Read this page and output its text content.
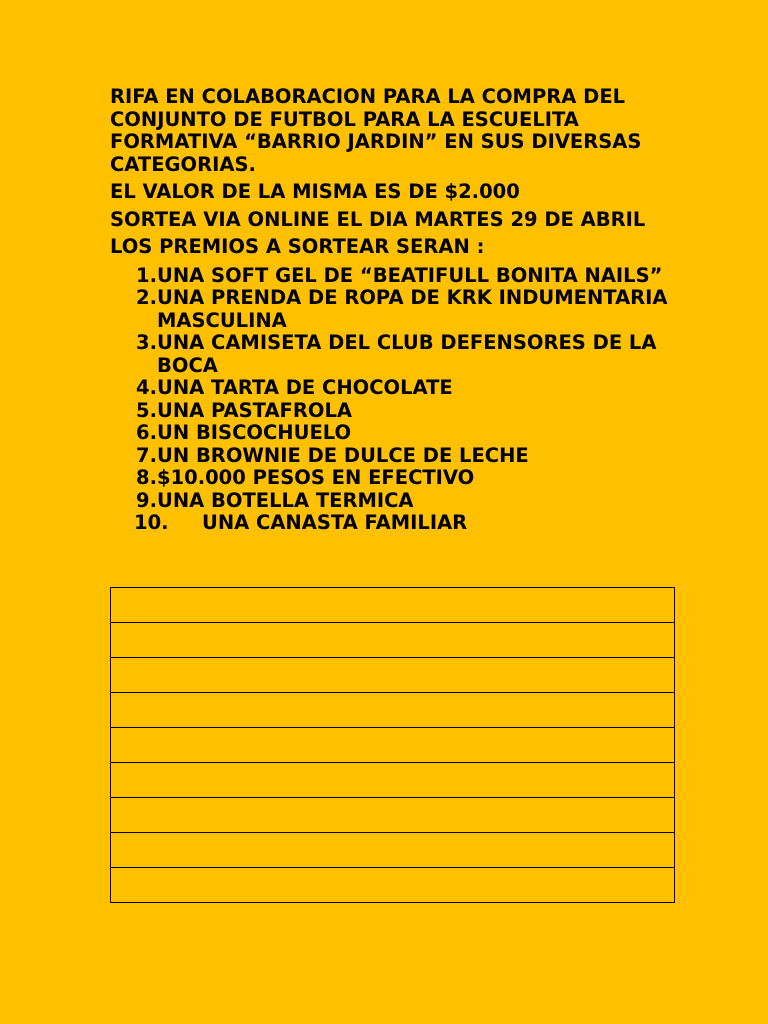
RIFA EN COLABORACION PARA LA COMPRA DEL CONJUNTO DE FUTBOL PARA LA ESCUELITA FORMATIVA “BARRIO JARDIN” EN SUS DIVERSAS CATEGORIAS.

EL VALOR DE LA MISMA ES DE $2.000

SORTEA VIA ONLINE EL DIA MARTES 29 DE ABRIL

LOS PREMIOS A SORTEAR SERAN :

1. UNA SOFT GEL DE “BEATIFULL BONITA NAILS”
2. UNA PRENDA DE ROPA DE KRK INDUMENTARIA MASCULINA
3. UNA CAMISETA DEL CLUB DEFENSORES DE LA BOCA
4. UNA TARTA DE CHOCOLATE
5. UNA PASTAFROLA
6. UN BISCOCHUELO
7. UN BROWNIE DE DULCE DE LECHE
8. $10.000 PESOS EN EFECTIVO
9. UNA BOTELLA TERMICA
10.	UNA CANASTA FAMILIAR
